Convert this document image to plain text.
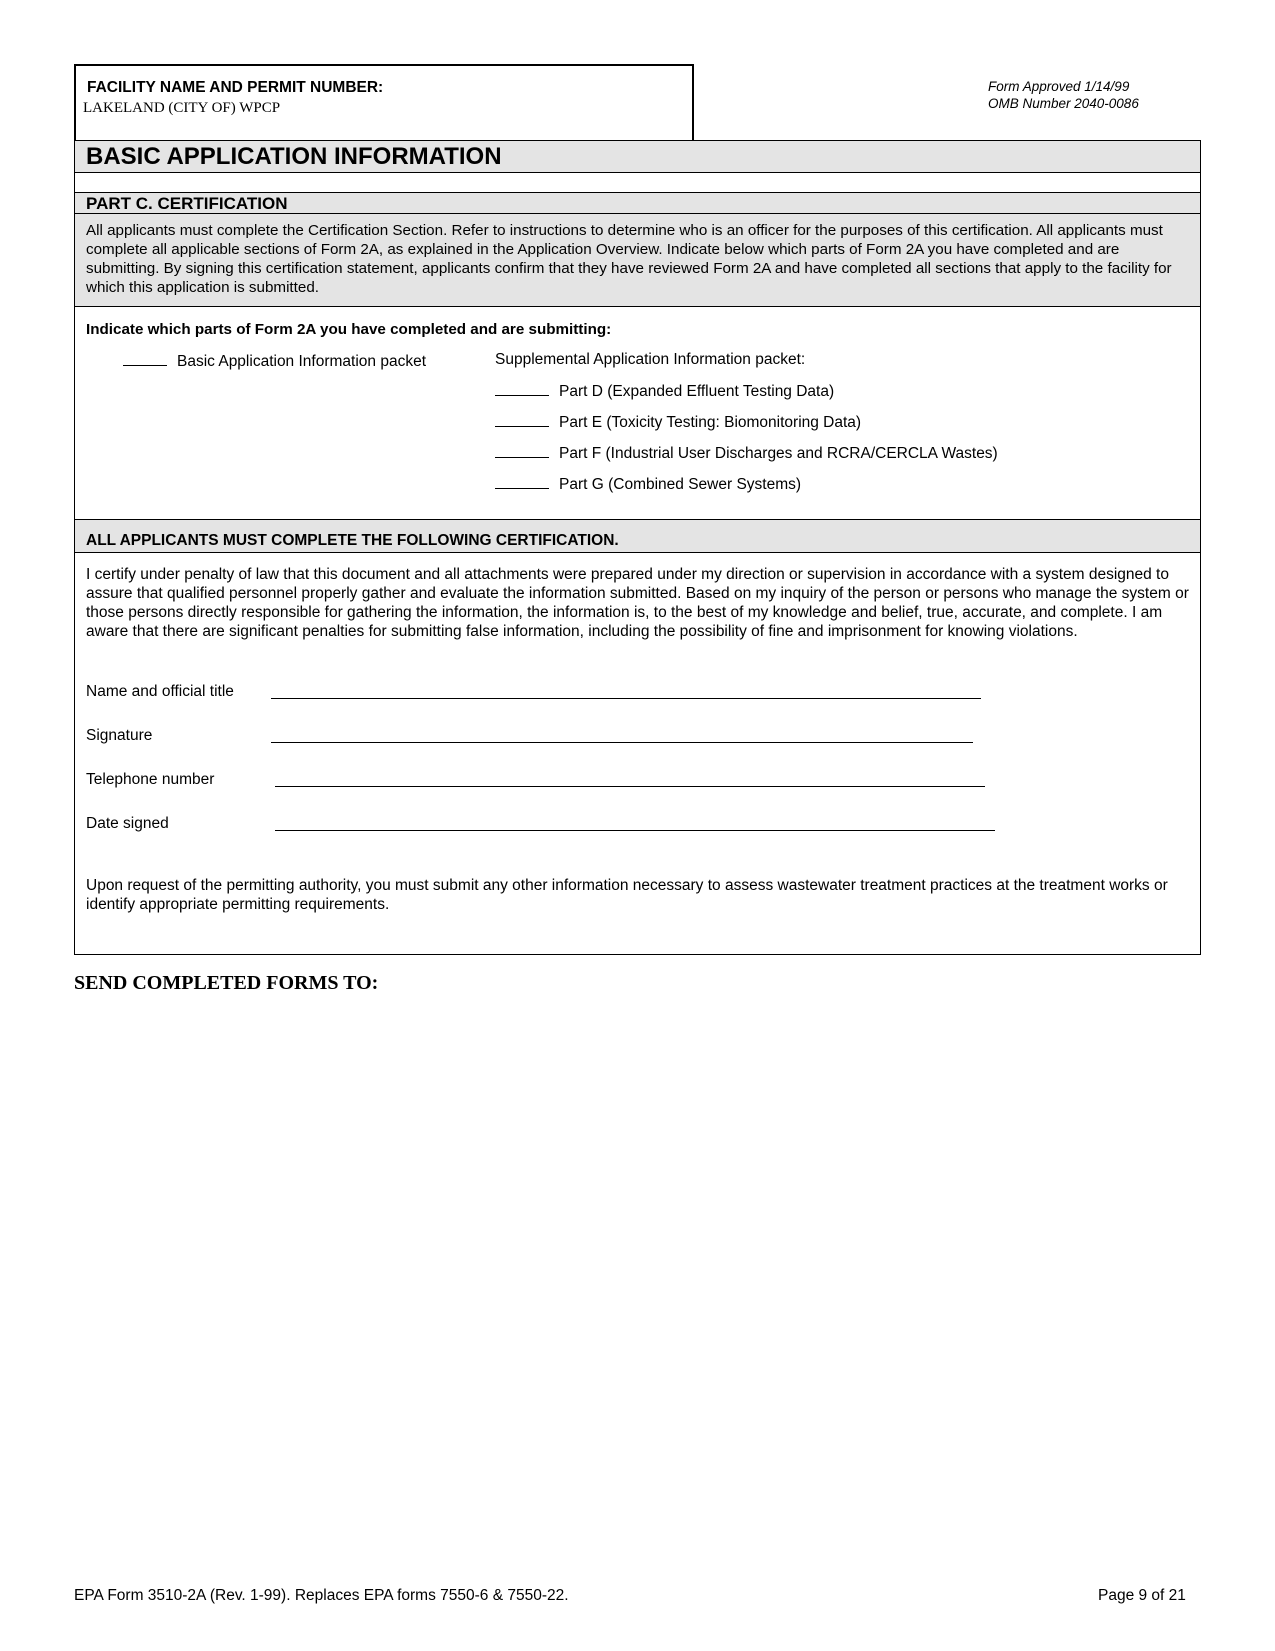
FACILITY NAME AND PERMIT NUMBER:
LAKELAND (CITY OF) WPCP
Form Approved 1/14/99
OMB Number 2040-0086
BASIC APPLICATION INFORMATION
PART C. CERTIFICATION
All applicants must complete the Certification Section. Refer to instructions to determine who is an officer for the purposes of this certification. All applicants must complete all applicable sections of Form 2A, as explained in the Application Overview. Indicate below which parts of Form 2A you have completed and are submitting. By signing this certification statement, applicants confirm that they have reviewed Form 2A and have completed all sections that apply to the facility for which this application is submitted.
Indicate which parts of Form 2A you have completed and are submitting:
Basic Application Information packet	Supplemental Application Information packet:
Part D (Expanded Effluent Testing Data)
Part E (Toxicity Testing: Biomonitoring Data)
Part F (Industrial User Discharges and RCRA/CERCLA Wastes)
Part G (Combined Sewer Systems)
ALL APPLICANTS MUST COMPLETE THE FOLLOWING CERTIFICATION.
I certify under penalty of law that this document and all attachments were prepared under my direction or supervision in accordance with a system designed to assure that qualified personnel properly gather and evaluate the information submitted. Based on my inquiry of the person or persons who manage the system or those persons directly responsible for gathering the information, the information is, to the best of my knowledge and belief, true, accurate, and complete. I am aware that there are significant penalties for submitting false information, including the possibility of fine and imprisonment for knowing violations.
Name and official title
Signature
Telephone number
Date signed
Upon request of the permitting authority, you must submit any other information necessary to assess wastewater treatment practices at the treatment works or identify appropriate permitting requirements.
SEND COMPLETED FORMS TO:
EPA Form 3510-2A (Rev. 1-99). Replaces EPA forms 7550-6 & 7550-22.	Page 9 of 21
